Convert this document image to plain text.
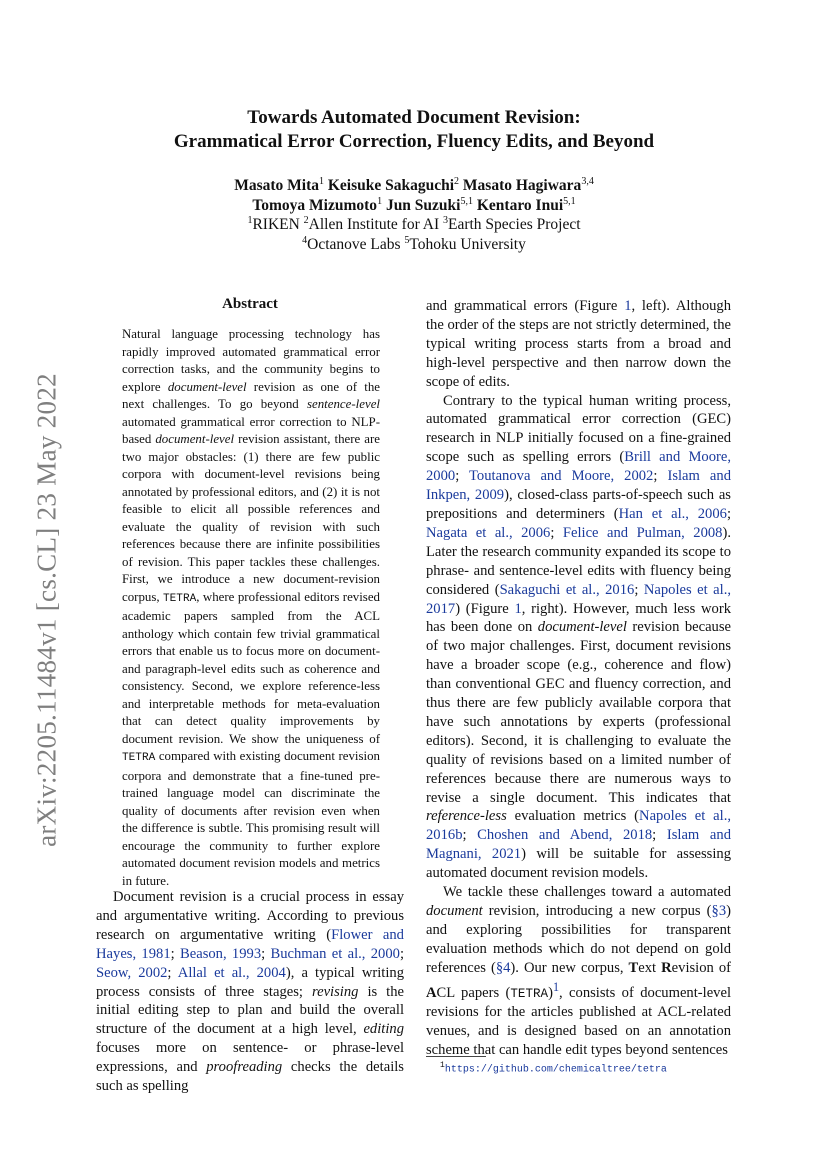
arXiv:2205.11484v1 [cs.CL] 23 May 2022
Towards Automated Document Revision:
Grammatical Error Correction, Fluency Edits, and Beyond
Masato Mita$^1$ Keisuke Sakaguchi$^2$ Masato Hagiwara$^{3,4}$
Tomoya Mizumoto$^1$ Jun Suzuki$^{5,1}$ Kentaro Inui$^{5,1}$
$^1$RIKEN $^2$Allen Institute for AI $^3$Earth Species Project
$^4$Octanove Labs $^5$Tohoku University
Abstract

Natural language processing technology has rapidly improved automated grammatical error correction tasks, and the community begins to explore document-level revision as one of the next challenges. To go beyond sentence-level automated grammatical error correction to NLP-based document-level revision assistant, there are two major obstacles: (1) there are few public corpora with document-level revisions being annotated by professional editors, and (2) it is not feasible to elicit all possible references and evaluate the quality of revision with such references because there are infinite possibilities of revision. This paper tackles these challenges. First, we introduce a new document-revision corpus, TETRA, where professional editors revised academic papers sampled from the ACL anthology which contain few trivial grammatical errors that enable us to focus more on document- and paragraph-level edits such as coherence and consistency. Second, we explore reference-less and interpretable methods for meta-evaluation that can detect quality improvements by document revision. We show the uniqueness of TETRA compared with existing document revision corpora and demonstrate that a fine-tuned pre-trained language model can discriminate the quality of documents after revision even when the difference is subtle. This promising result will encourage the community to further explore automated document revision models and metrics in future.

Document revision is a crucial process in essay and argumentative writing. According to previous research on argumentative writing (Flower and Hayes, 1981; Beason, 1993; Buchman et al., 2000; Seow, 2002; Allal et al., 2004), a typical writing process consists of three stages; revising is the initial editing step to plan and build the overall structure of the document at a high level, editing focuses more on sentence- or phrase-level expressions, and proofreading checks the details such as spelling

and grammatical errors (Figure 1, left). Although the order of the steps are not strictly determined, the typical writing process starts from a broad and high-level perspective and then narrow down the scope of edits.

Contrary to the typical human writing process, automated grammatical error correction (GEC) research in NLP initially focused on a fine-grained scope such as spelling errors (Brill and Moore, 2000; Toutanova and Moore, 2002; Islam and Inkpen, 2009), closed-class parts-of-speech such as prepositions and determiners (Han et al., 2006; Nagata et al., 2006; Felice and Pulman, 2008). Later the research community expanded its scope to phrase- and sentence-level edits with fluency being considered (Sakaguchi et al., 2016; Napoles et al., 2017) (Figure 1, right). However, much less work has been done on document-level revision because of two major challenges. First, document revisions have a broader scope (e.g., coherence and flow) than conventional GEC and fluency correction, and thus there are few publicly available corpora that have such annotations by experts (professional editors). Second, it is challenging to evaluate the quality of revisions based on a limited number of references because there are numerous ways to revise a single document. This indicates that reference-less evaluation metrics (Napoles et al., 2016b; Choshen and Abend, 2018; Islam and Magnani, 2021) will be suitable for assessing automated document revision models.

We tackle these challenges toward a automated document revision, introducing a new corpus (§3) and exploring possibilities for transparent evaluation methods which do not depend on gold references (§4). Our new corpus, Text Revision of ACL papers (TETRA)$^1$, consists of document-level revisions for the articles published at ACL-related venues, and is designed based on an annotation scheme that can handle edit types beyond sentences

$^1$https://github.com/chemicaltree/tetra
